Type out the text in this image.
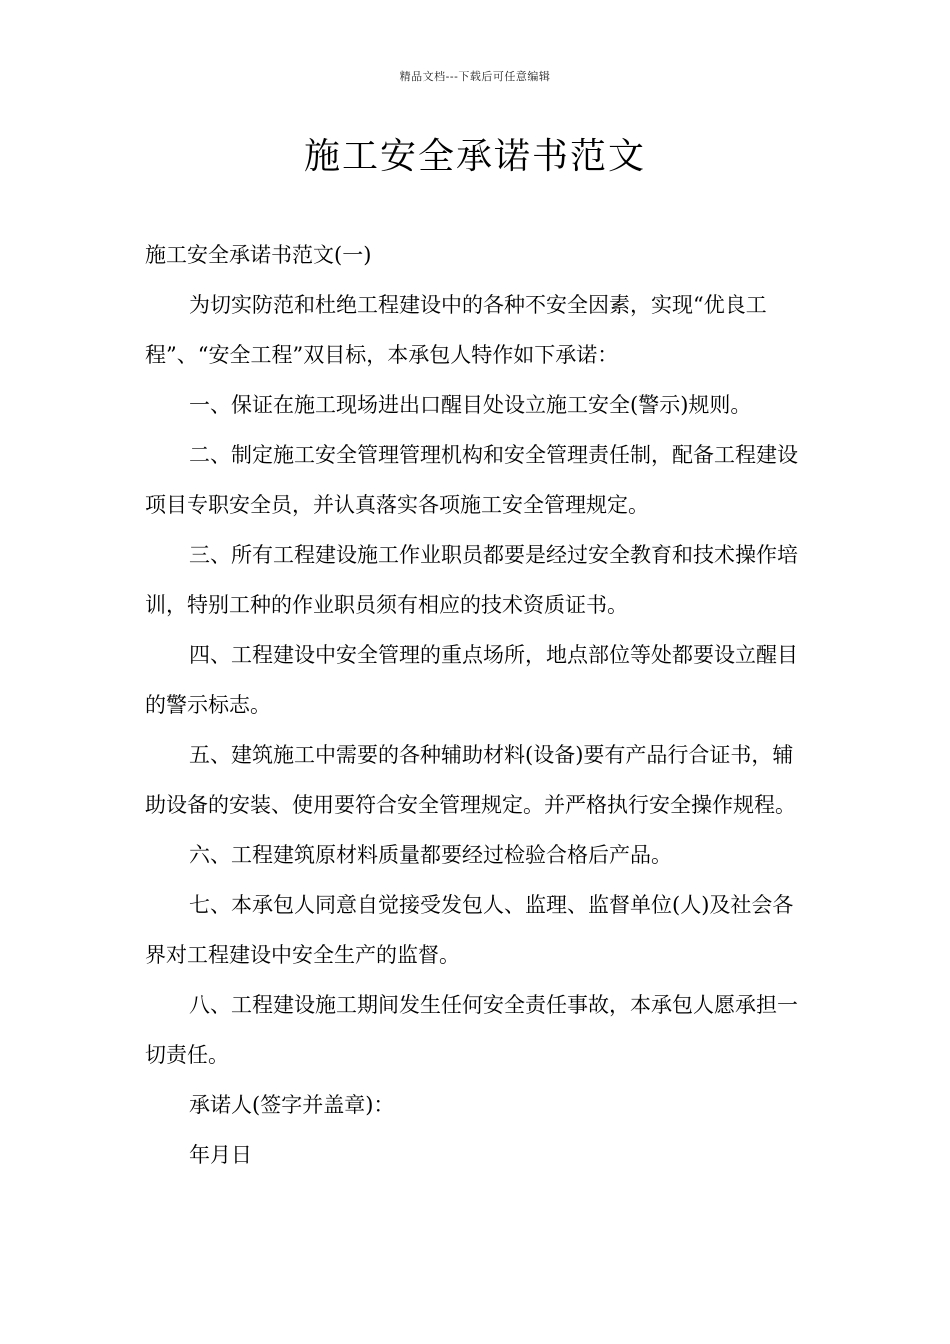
精品文档---下载后可任意编辑
施工安全承诺书范文

施工安全承诺书范文(一)

为切实防范和杜绝工程建设中的各种不安全因素，实现“优良工程”、“安全工程”双目标，本承包人特作如下承诺：

一、保证在施工现场进出口醒目处设立施工安全(警示)规则。

二、制定施工安全管理管理机构和安全管理责任制，配备工程建设项目专职安全员，并认真落实各项施工安全管理规定。

三、所有工程建设施工作业职员都要是经过安全教育和技术操作培训，特别工种的作业职员须有相应的技术资质证书。

四、工程建设中安全管理的重点场所，地点部位等处都要设立醒目的警示标志。

五、建筑施工中需要的各种辅助材料(设备)要有产品行合证书，辅助设备的安装、使用要符合安全管理规定。并严格执行安全操作规程。

六、工程建筑原材料质量都要经过检验合格后产品。

七、本承包人同意自觉接受发包人、监理、监督单位(人)及社会各界对工程建设中安全生产的监督。

八、工程建设施工期间发生任何安全责任事故，本承包人愿承担一切责任。

承诺人(签字并盖章)：

年月日
